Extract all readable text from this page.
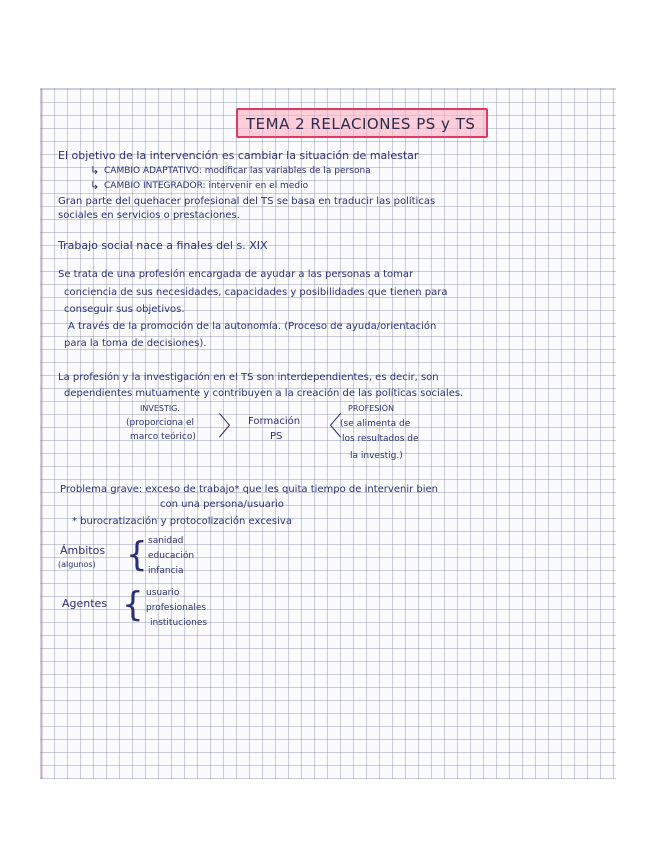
TEMA 2 RELACIONES PS y TS
El objetivo de la intervención es cambiar la situación de malestar
↳ CAMBIO ADAPTATIVO: modificar las variables de la persona
↳ CAMBIO INTEGRADOR: intervenir en el medio
Gran parte del quehacer profesional del TS se basa en traducir las políticas
sociales en servicios o prestaciones.
Trabajo social nace a finales del s. XIX
Se trata de una profesión encargada de ayudar a las personas a tomar
conciencia de sus necesidades, capacidades y posibilidades que tienen para
conseguir sus objetivos.
A través de la promoción de la autonomía. (Proceso de ayuda/orientación
para la toma de decisiones).
La profesión y la investigación en el TS son interdependientes, es decir, son
dependientes mutuamente y contribuyen a la creación de las políticas sociales.
INVESTIG.
(proporciona el
marco teórico) 〉 Formación
PS 〈
PROFESIÓN
(se alimenta de
los resultados de
la investig.)
Problema grave: exceso de trabajo* que les quita tiempo de intervenir bien
con una persona/usuario
* burocratización y protocolización excesiva
Ámbitos
(algunos) { sanidad
educación
infancia
Agentes { usuario
profesionales
instituciones
